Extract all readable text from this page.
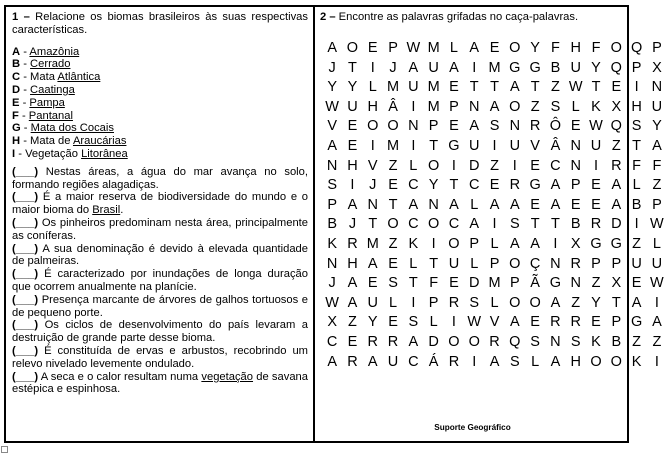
1 – Relacione os biomas brasileiros às suas respectivas características.
A - Amazônia
B - Cerrado
C - Mata Atlântica
D - Caatinga
E - Pampa
F - Pantanal
G - Mata dos Cocais
H - Mata de Araucárias
I - Vegetação Litorânea
(___) Nestas áreas, a água do mar avança no solo, formando regiões alagadiças.
(___) É a maior reserva de biodiversidade do mundo e o maior bioma do Brasil.
(___) Os pinheiros predominam nesta área, principalmente as coníferas.
(___) A sua denominação é devido à elevada quantidade de palmeiras.
(___) É caracterizado por inundações de longa duração que ocorrem anualmente na planície.
(___) Presença marcante de árvores de galhos tortuosos e de pequeno porte.
(___) Os ciclos de desenvolvimento do país levaram a destruição de grande parte desse bioma.
(___) É constituída de ervas e arbustos, recobrindo um relevo nivelado levemente ondulado.
(___) A seca e o calor resultam numa vegetação de savana estépica e espinhosa.
2 – Encontre as palavras grifadas no caça-palavras.
A O E P W M L A E O Y F H F O Q P
J T I	J A U A I M G G B U Y Q P X
Y Y L M U M E T T A T Z W T E I N
W U H Â I M P N A O Z S L K X H U
V E O O N P E A S N R Ô E W Q S Y
A E I M I T G U I U V Â N U Z T A
N H V Z L O I D Z I E C N I R F F
S I	J E C Y T C E R G A P E A L Z
P A N T A N A L A A E A E E A B P
B J T O C O C A I S T T B R D I W
K R M Z K I O P L A A I X G G Z L
N H A E L T U L P O Ç N R P P U U
J A E S T F E D M P Ã G N Z X E W
W A U L I P R S L O O A Z Y T A I
X Z Y E S L I W V A E R R E P G A
C E R R A D O O R Q S N S K B Z Z
A R A U C Á R I A S L A H O O K I
Suporte Geográfico
